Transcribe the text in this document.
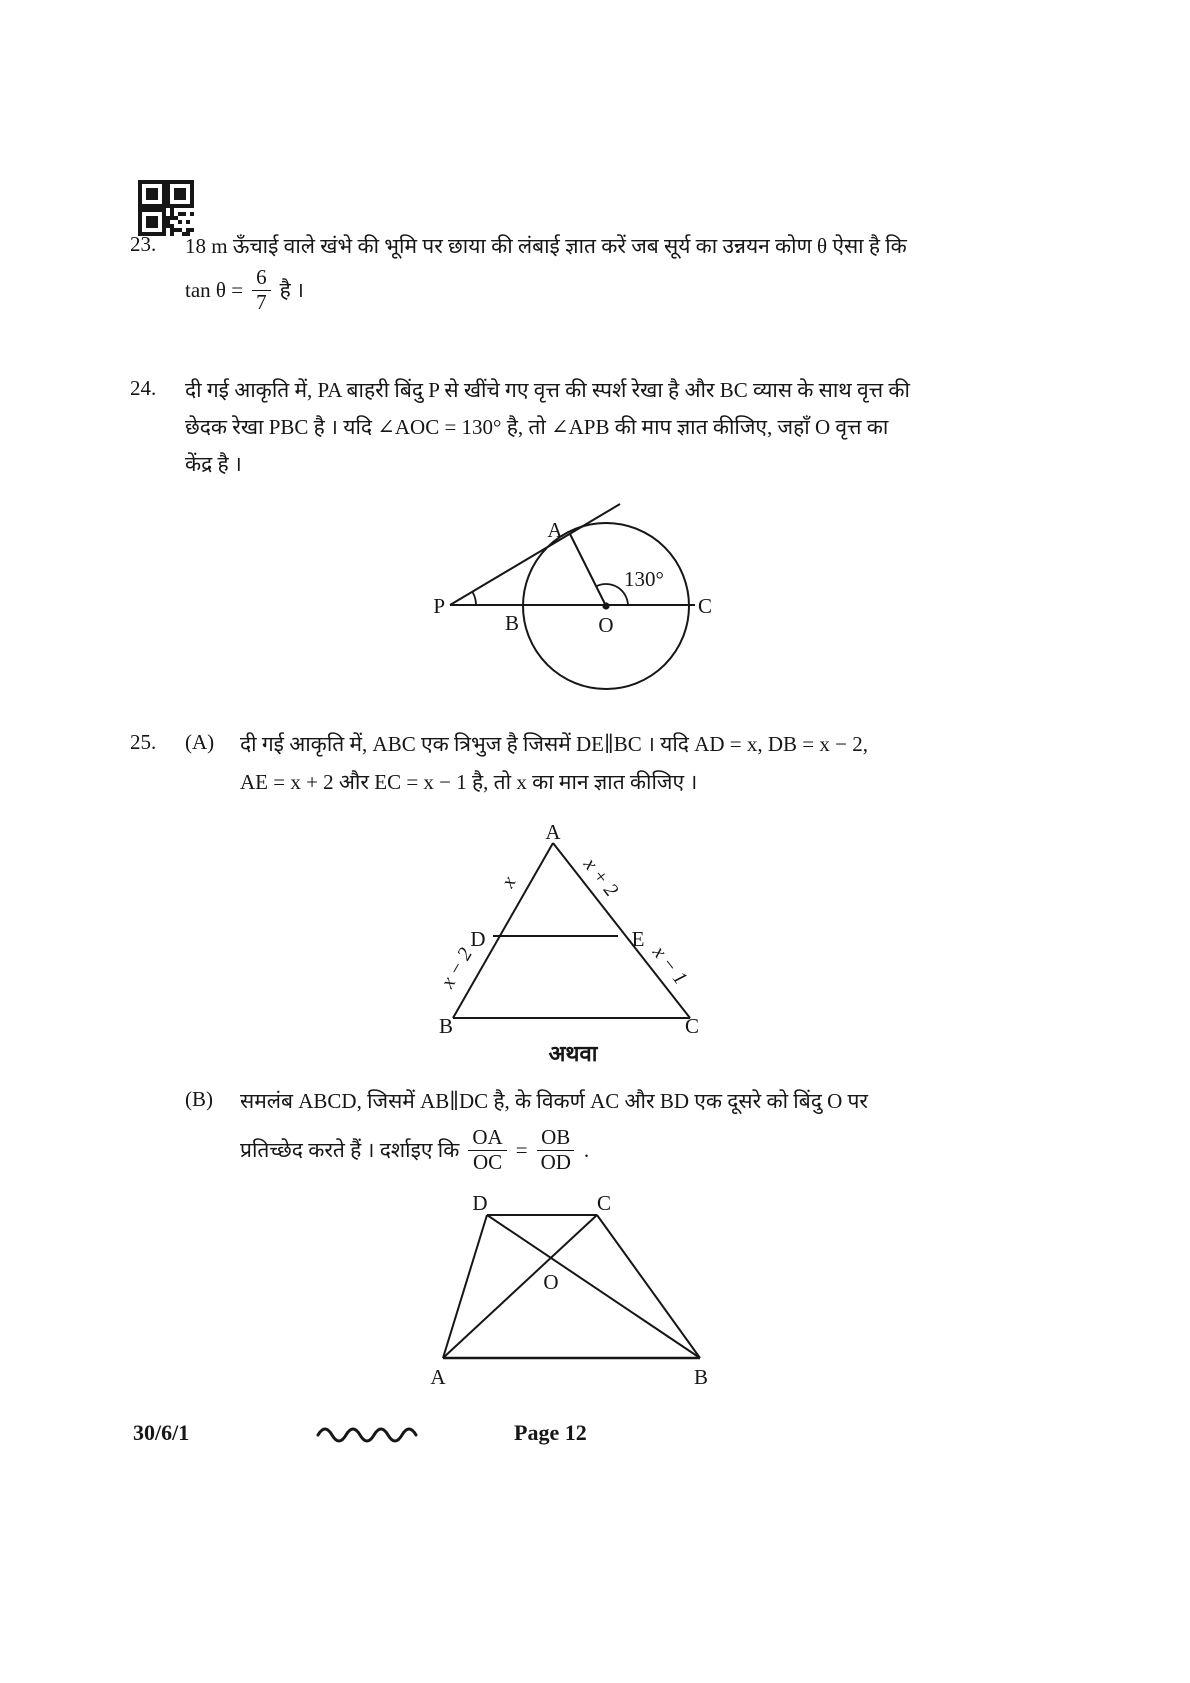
23. 18 m ऊँचाई वाले खंभे की भूमि पर छाया की लंबाई ज्ञात करें जब सूर्य का उन्नयन कोण θ ऐसा है कि
$\tan \theta = \frac{6}{7}$ है ।
24. दी गई आकृति में, PA बाहरी बिंदु P से खींचे गए वृत्त की स्पर्श रेखा है और BC व्यास के साथ वृत्त की
छेदक रेखा PBC है । यदि ∠AOC = 130° है, तो ∠APB की माप ज्ञात कीजिए, जहाँ O वृत्त का
केंद्र है ।
A
P
B	O
C
130°
25. (A) दी गई आकृति में, ABC एक त्रिभुज है जिसमें DE∥BC । यदि AD = x, DB = x − 2,
AE = x + 2 और EC = x − 1 है, तो x का मान ज्ञात कीजिए ।
A
B	C
D	E
x	x + 2
x − 2	x − 1
अथवा
(B) समलंब ABCD, जिसमें AB∥DC है, के विकर्ण AC और BD एक दूसरे को बिंदु O पर
प्रतिच्छेद करते हैं । दर्शाइए कि $\frac{OA}{OC} = \frac{OB}{OD}$ .
D	C
A	B
O
30/6/1	Page 12
